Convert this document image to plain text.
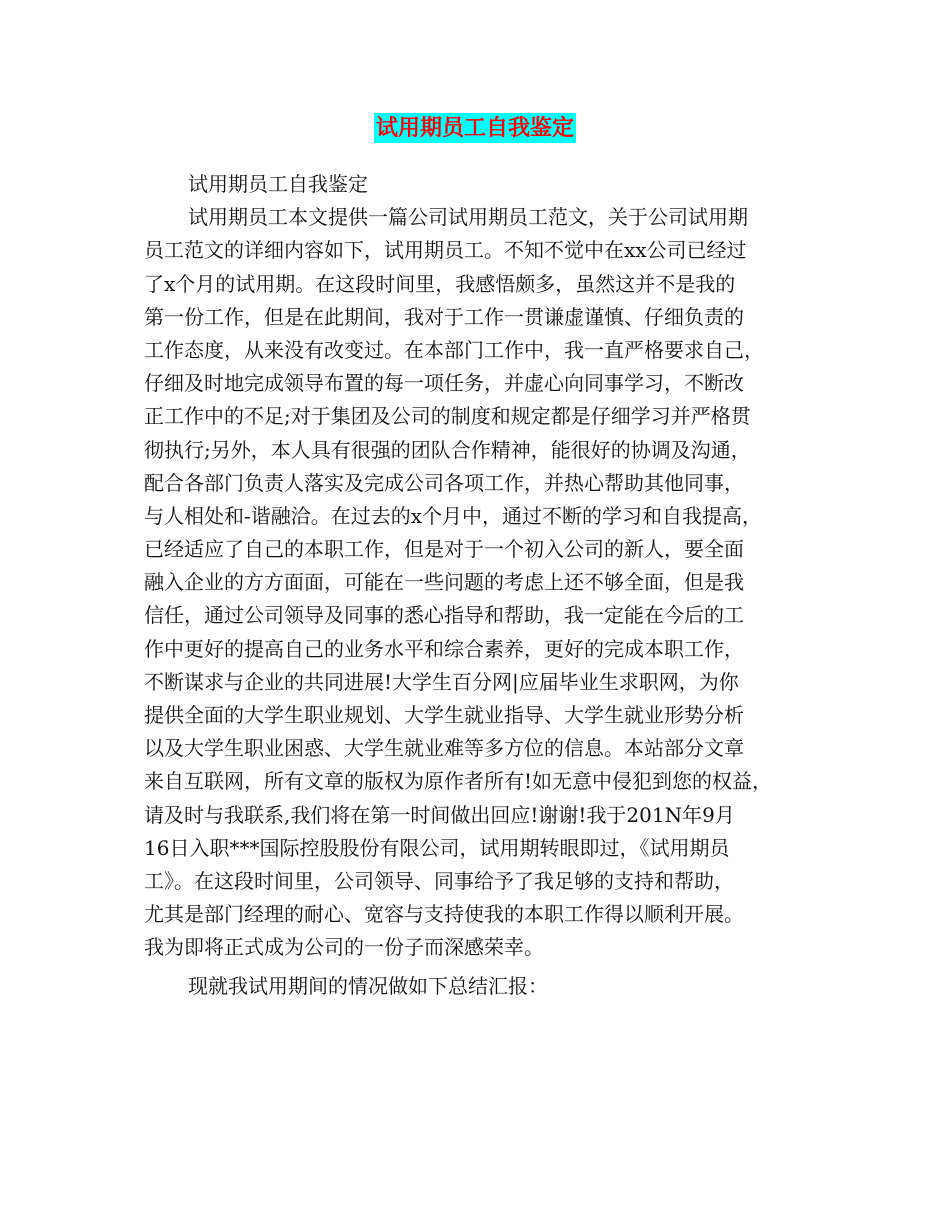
试用期员工自我鉴定
试用期员工自我鉴定
试用期员工本文提供一篇公司试用期员工范文，关于公司试用期
员工范文的详细内容如下，试用期员工。不知不觉中在xx公司已经过
了x个月的试用期。在这段时间里，我感悟颇多，虽然这并不是我的
第一份工作，但是在此期间，我对于工作一贯谦虚谨慎、仔细负责的
工作态度，从来没有改变过。在本部门工作中，我一直严格要求自己，
仔细及时地完成领导布置的每一项任务，并虚心向同事学习，不断改
正工作中的不足;对于集团及公司的制度和规定都是仔细学习并严格贯
彻执行;另外，本人具有很强的团队合作精神，能很好的协调及沟通，
配合各部门负责人落实及完成公司各项工作，并热心帮助其他同事，
与人相处和-谐融洽。在过去的x个月中，通过不断的学习和自我提高，
已经适应了自己的本职工作，但是对于一个初入公司的新人，要全面
融入企业的方方面面，可能在一些问题的考虑上还不够全面，但是我
信任，通过公司领导及同事的悉心指导和帮助，我一定能在今后的工
作中更好的提高自己的业务水平和综合素养，更好的完成本职工作，
不断谋求与企业的共同进展!大学生百分网|应届毕业生求职网，为你
提供全面的大学生职业规划、大学生就业指导、大学生就业形势分析
以及大学生职业困惑、大学生就业难等多方位的信息。本站部分文章
来自互联网，所有文章的版权为原作者所有!如无意中侵犯到您的权益，
请及时与我联系,我们将在第一时间做出回应!谢谢!我于201N年9月
16日入职***国际控股股份有限公司，试用期转眼即过，《试用期员
工》。在这段时间里，公司领导、同事给予了我足够的支持和帮助，
尤其是部门经理的耐心、宽容与支持使我的本职工作得以顺利开展。
我为即将正式成为公司的一份子而深感荣幸。
现就我试用期间的情况做如下总结汇报：
